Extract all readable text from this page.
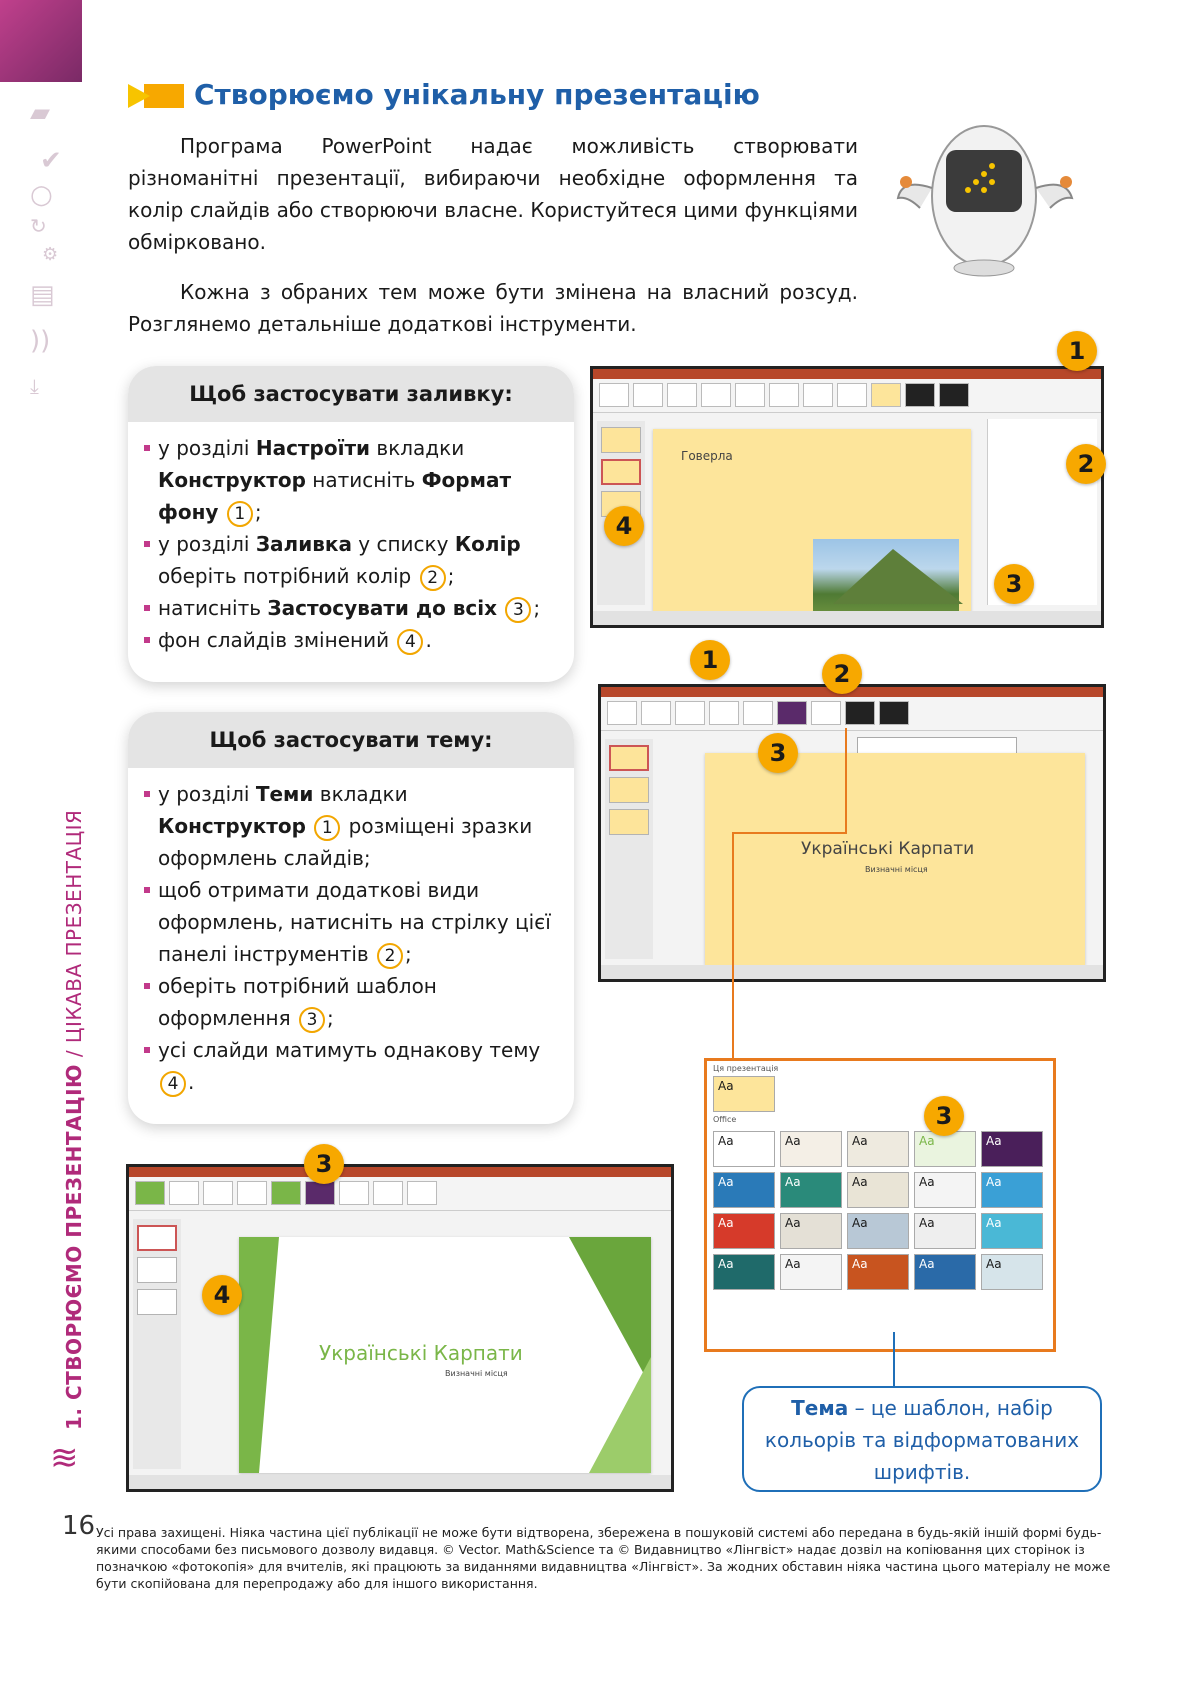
▰
✔
○
↻
⚙
▤
))
⤓
1. СТВОРЮЄМО ПРЕЗЕНТАЦІЮ / ЦІКАВА ПРЕЗЕНТАЦІЯ
≋
Створюємо унікальну презентацію
Програма PowerPoint надає можливість створювати різноманітні презентації, вибираючи необхідне оформлення та колір слайдів або створюючи власне. Користуйтеся цими функціями обмірковано.
Кожна з обраних тем може бути змінена на власний розсуд. Розглянемо детальніше додаткові інструменти.
Щоб застосувати заливку:
у розділі Настроїти вкладки Конструктор натисніть Формат фону 1 ;
у розділі Заливка у списку Колір оберіть потрібний колір 2 ;
натисніть Застосувати до всіх 3 ;
фон слайдів змінений 4 .
Щоб застосувати тему:
у розділі Теми вкладки Конструктор 1 розміщені зразки оформлень слайдів;
щоб отримати додаткові види оформлень, натисніть на стрілку цієї панелі інструментів 2 ;
оберіть потрібний шаблон оформлення 3 ;
усі слайди матимуть однакову тему 4 .
Говерла
Українські Карпати
Визначні місця
Українські Карпати
Визначні місця
Ця презентація
Aa
Office
Aa	Aa	Aa	Aa	Aa
Aa	Aa	Aa	Aa	Aa
Aa	Aa	Aa	Aa	Aa
Aa	Aa	Aa	Aa	Aa
Тема – це шаблон, набір кольорів та відформатованих шрифтів.
1
2
3
4
1	2
3
3
3
4
16 Усі права захищені. Ніяка частина цієї публікації не може бути відтворена, збережена в пошуковій системі або передана в будь-якій іншій формі будь-якими способами без письмового дозволу видавця. © Vector. Math&Science та © Видавництво «Лінгвіст» надає дозвіл на копіювання цих сторінок із позначкою «фотокопія» для вчителів, які працюють за виданнями видавництва «Лінгвіст». За жодних обставин ніяка частина цього матеріалу не може бути скопійована для перепродажу або для іншого використання.
